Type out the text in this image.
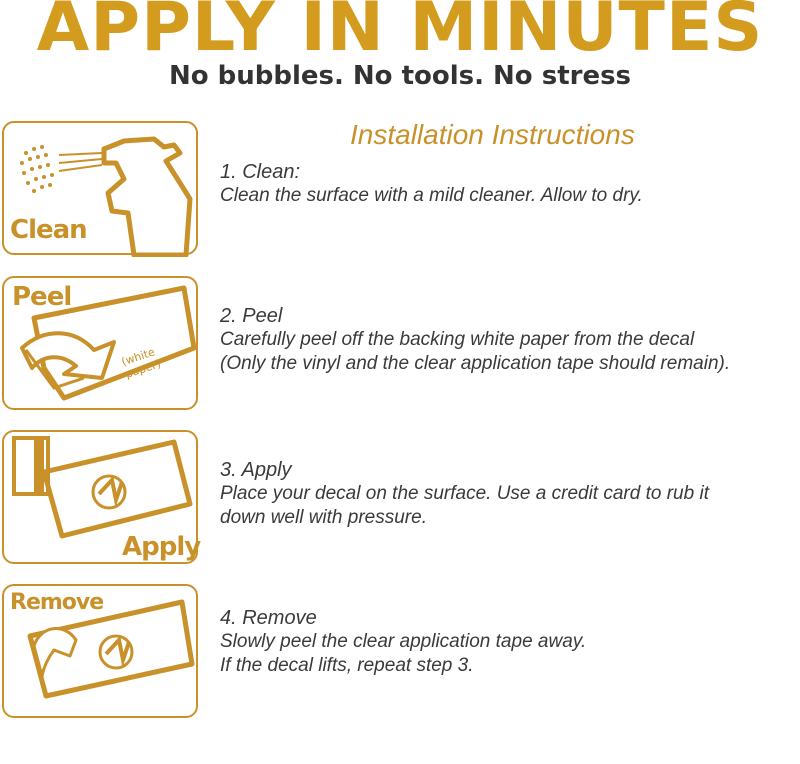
APPLY IN MINUTES
No bubbles. No tools. No stress
Installation Instructions
Clean
1. Clean:
Clean the surface with a mild cleaner. Allow to dry.
Peel
(white paper)
2. Peel
Carefully peel off the backing white paper from the decal
(Only the vinyl and the clear application tape should remain).
Apply
3. Apply
Place your decal on the surface. Use a credit card to rub it
down well with pressure.
Remove
4. Remove
Slowly peel the clear application tape away.
If the decal lifts, repeat step 3.
